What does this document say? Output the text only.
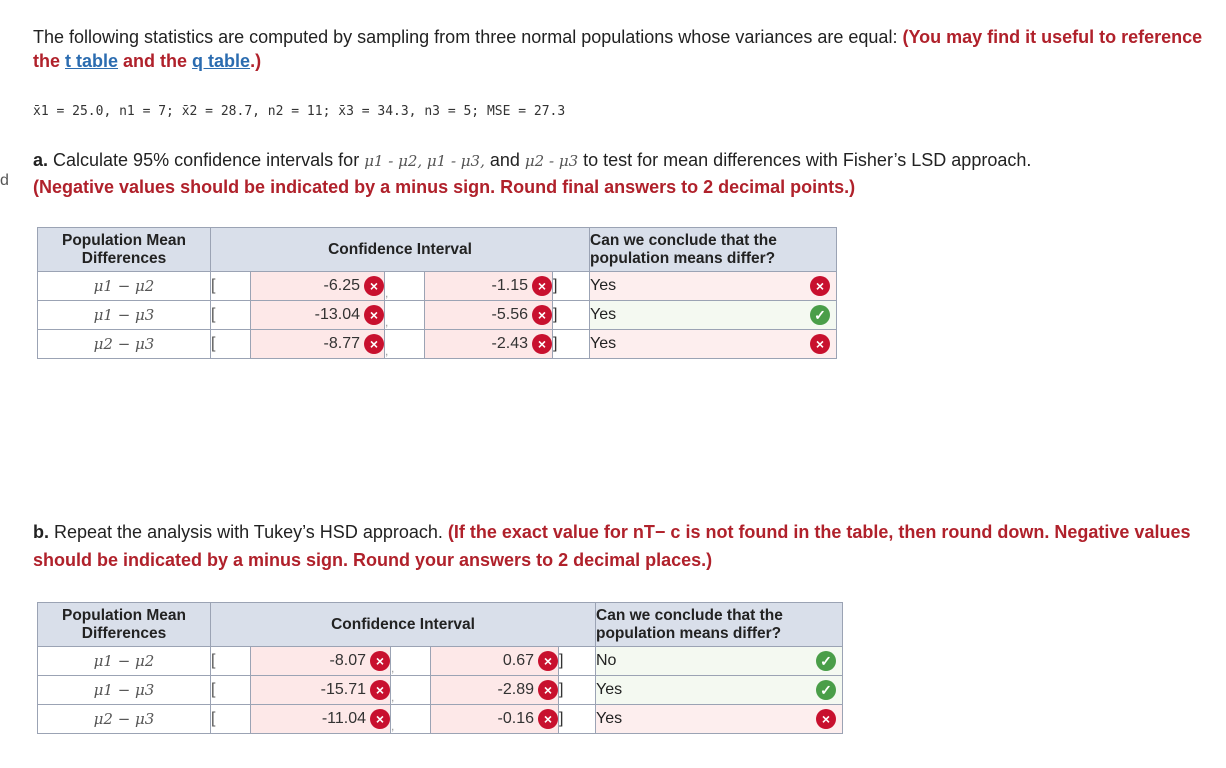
d
The following statistics are computed by sampling from three normal populations whose variances are equal: (You may find it useful to reference the t table and the q table.)
x̄1 = 25.0, n1 = 7; x̄2 = 28.7, n2 = 11; x̄3 = 34.3, n3 = 5; MSE = 27.3
a. Calculate 95% confidence intervals for μ1 - μ2, μ1 - μ3, and μ2 - μ3 to test for mean differences with Fisher’s LSD approach.
(Negative values should be indicated by a minus sign. Round final answers to 2 decimal points.)
Population Mean Differences	Confidence Interval					Can we conclude that the population means differ?
μ1 − μ2	[	-6.25 ×	,	-1.15 ×	]	Yes ×

μ1 − μ3	[	-13.04 ×	,	-5.56 ×	]	Yes ✓

μ2 − μ3	[	-8.77 ×	,	-2.43 ×	]	Yes ×
b. Repeat the analysis with Tukey’s HSD approach. (If the exact value for nT− c is not found in the table, then round down. Negative values should be indicated by a minus sign. Round your answers to 2 decimal places.)
Population Mean Differences	Confidence Interval					Can we conclude that the population means differ?
μ1 − μ2	[	-8.07 ×	,	0.67 ×	]	No ✓

μ1 − μ3	[	-15.71 ×	,	-2.89 ×	]	Yes ✓

μ2 − μ3	[	-11.04 ×	,	-0.16 ×	]	Yes ×
